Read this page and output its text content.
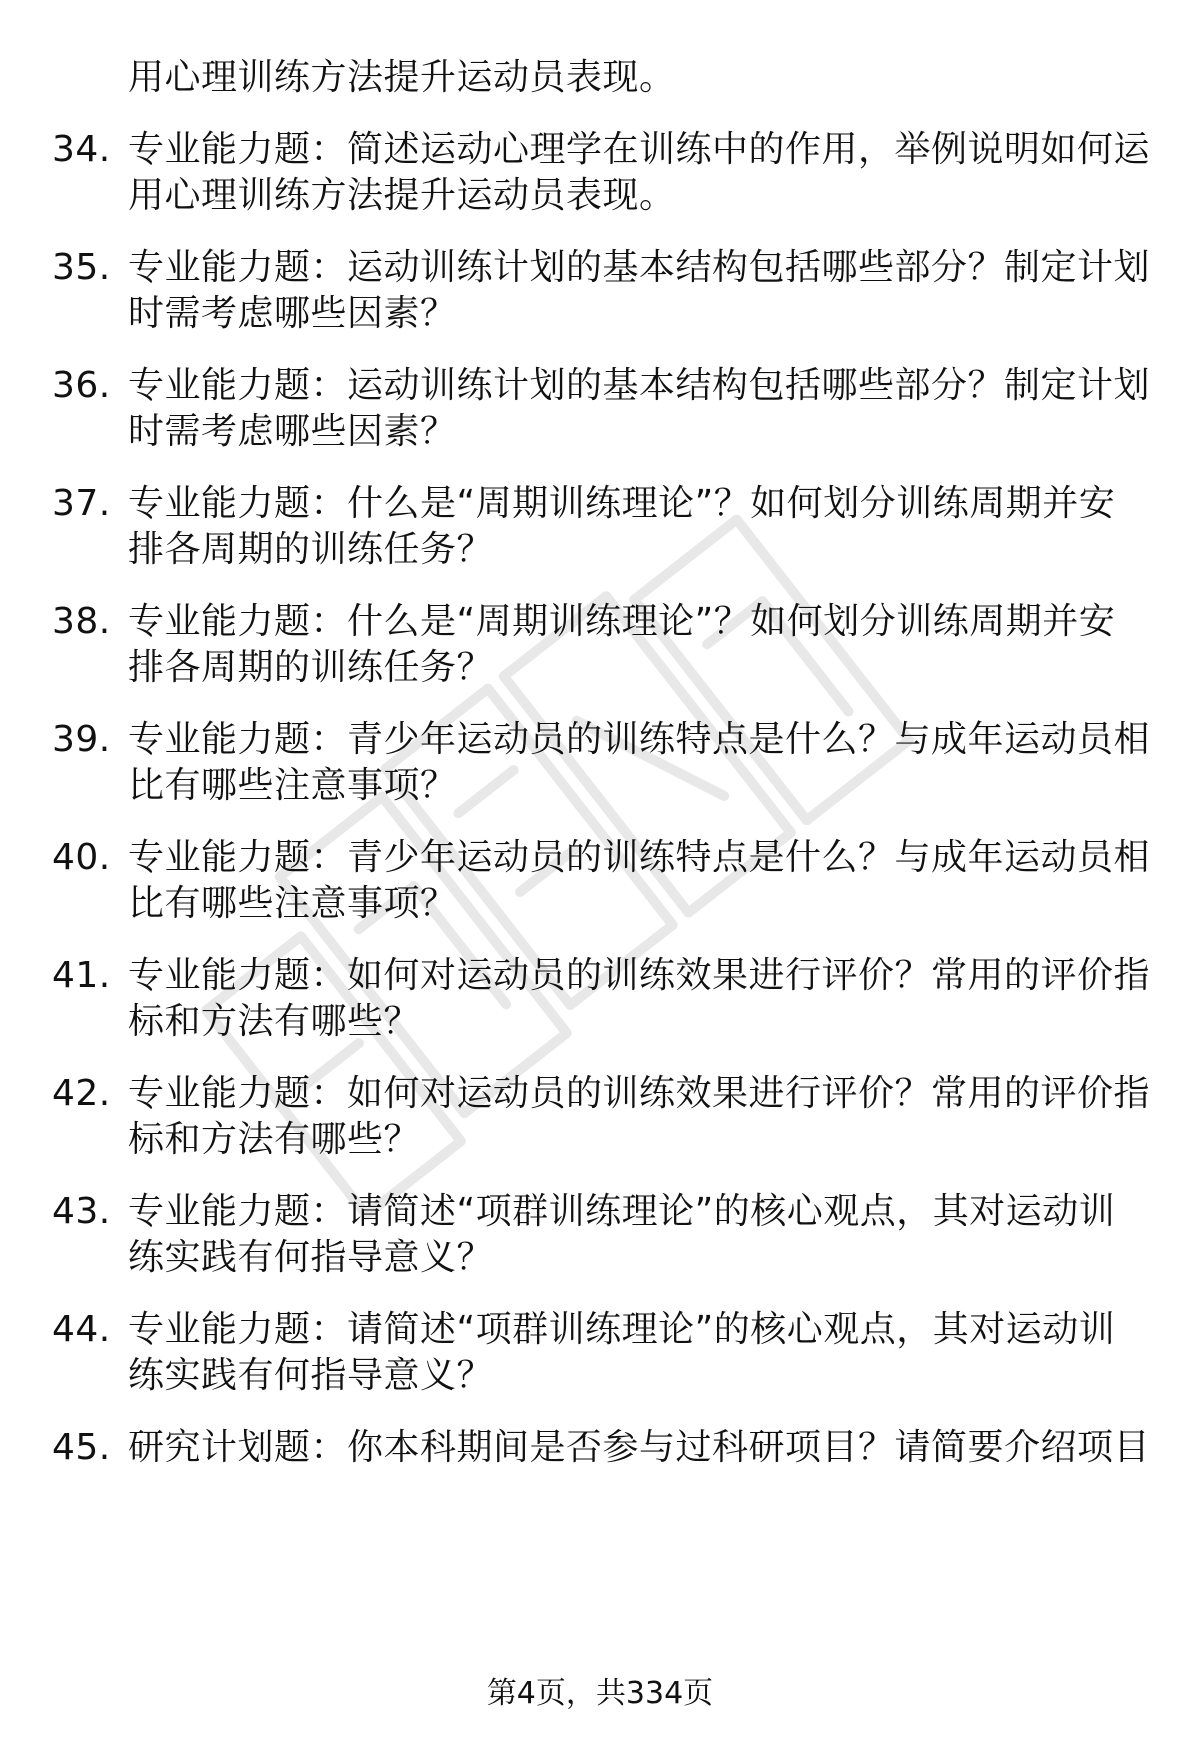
用心理训练方法提升运动员表现。
34. 专业能力题：简述运动心理学在训练中的作用，举例说明如何运
用心理训练方法提升运动员表现。
35. 专业能力题：运动训练计划的基本结构包括哪些部分？制定计划
时需考虑哪些因素？
36. 专业能力题：运动训练计划的基本结构包括哪些部分？制定计划
时需考虑哪些因素？
37. 专业能力题：什么是“周期训练理论”？如何划分训练周期并安
排各周期的训练任务？
38. 专业能力题：什么是“周期训练理论”？如何划分训练周期并安
排各周期的训练任务？
39. 专业能力题：青少年运动员的训练特点是什么？与成年运动员相
比有哪些注意事项？
40. 专业能力题：青少年运动员的训练特点是什么？与成年运动员相
比有哪些注意事项？
41. 专业能力题：如何对运动员的训练效果进行评价？常用的评价指
标和方法有哪些？
42. 专业能力题：如何对运动员的训练效果进行评价？常用的评价指
标和方法有哪些？
43. 专业能力题：请简述“项群训练理论”的核心观点，其对运动训
练实践有何指导意义？
44. 专业能力题：请简述“项群训练理论”的核心观点，其对运动训
练实践有何指导意义？
45. 研究计划题：你本科期间是否参与过科研项目？请简要介绍项目
第4页，共334页
